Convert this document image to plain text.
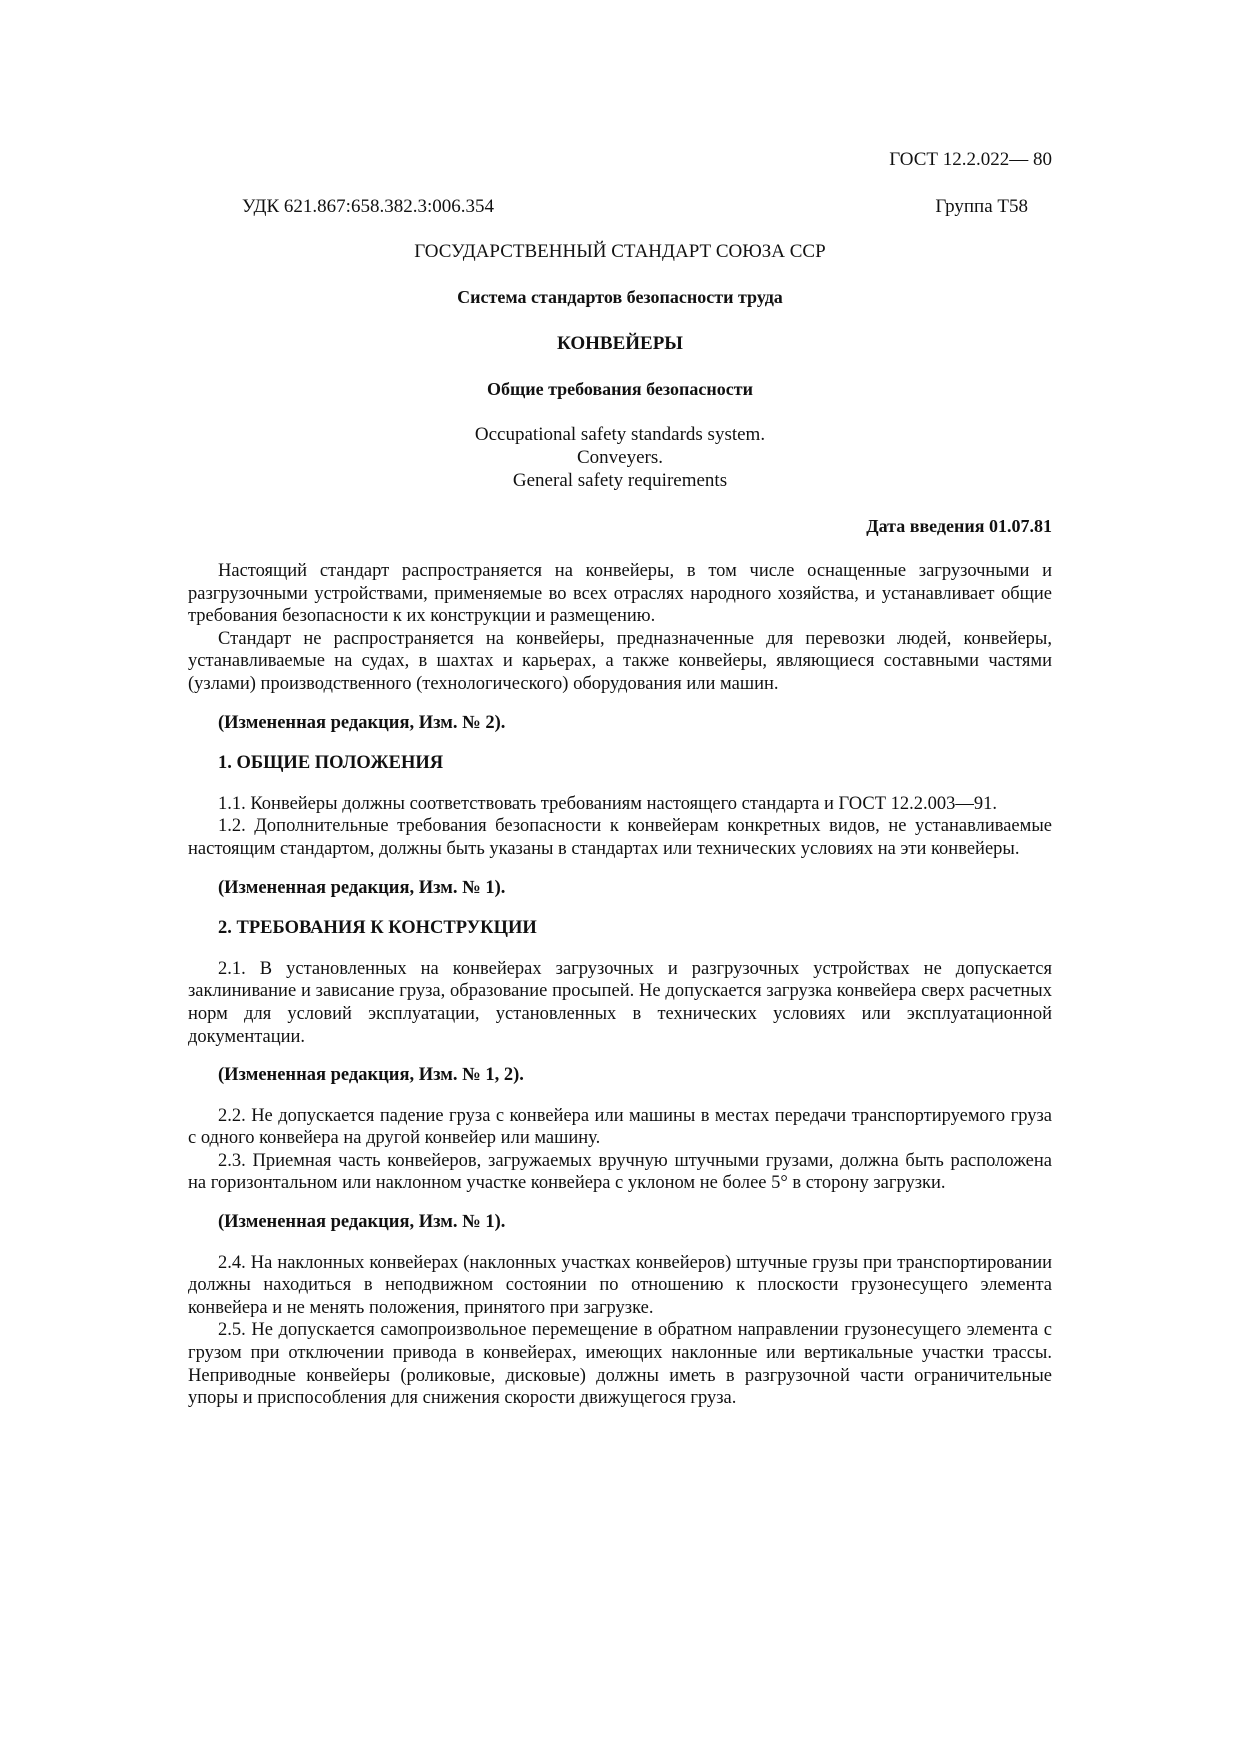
ГОСТ 12.2.022— 80
УДК 621.867:658.382.3:006.354	Группа Т58
ГОСУДАРСТВЕННЫЙ СТАНДАРТ СОЮЗА ССР
Система стандартов безопасности труда
КОНВЕЙЕРЫ
Общие требования безопасности
Occupational safety standards system.
Conveyers.
General safety requirements
Дата введения 01.07.81

Настоящий стандарт распространяется на конвейеры, в том числе оснащенные загрузочными и разгрузочными устройствами, применяемые во всех отраслях народного хозяйства, и устанавливает общие требования безопасности к их конструкции и размещению.

Стандарт не распространяется на конвейеры, предназначенные для перевозки людей, конвейеры, устанавливаемые на судах, в шахтах и карьерах, а также конвейеры, являющиеся составными частями (узлами) производственного (технологического) оборудования или машин.

(Измененная редакция, Изм. № 2).
1. ОБЩИЕ ПОЛОЖЕНИЯ

1.1. Конвейеры должны соответствовать требованиям настоящего стандарта и ГОСТ 12.2.003—91.

1.2. Дополнительные требования безопасности к конвейерам конкретных видов, не устанавливаемые настоящим стандартом, должны быть указаны в стандартах или технических условиях на эти конвейеры.

(Измененная редакция, Изм. № 1).
2. ТРЕБОВАНИЯ К КОНСТРУКЦИИ

2.1. В установленных на конвейерах загрузочных и разгрузочных устройствах не допускается заклинивание и зависание груза, образование просыпей. Не допускается загрузка конвейера сверх расчетных норм для условий эксплуатации, установленных в технических условиях или эксплуатационной документации.

(Измененная редакция, Изм. № 1, 2).

2.2. Не допускается падение груза с конвейера или машины в местах передачи транспортируемого груза с одного конвейера на другой конвейер или машину.

2.3. Приемная часть конвейеров, загружаемых вручную штучными грузами, должна быть расположена на горизонтальном или наклонном участке конвейера с уклоном не более 5° в сторону загрузки.

(Измененная редакция, Изм. № 1).

2.4. На наклонных конвейерах (наклонных участках конвейеров) штучные грузы при транспортировании должны находиться в неподвижном состоянии по отношению к плоскости грузонесущего элемента конвейера и не менять положения, принятого при загрузке.

2.5. Не допускается самопроизвольное перемещение в обратном направлении грузонесущего элемента с грузом при отключении привода в конвейерах, имеющих наклонные или вертикальные участки трассы. Неприводные конвейеры (роликовые, дисковые) должны иметь в разгрузочной части ограничительные упоры и приспособления для снижения скорости движущегося груза.
